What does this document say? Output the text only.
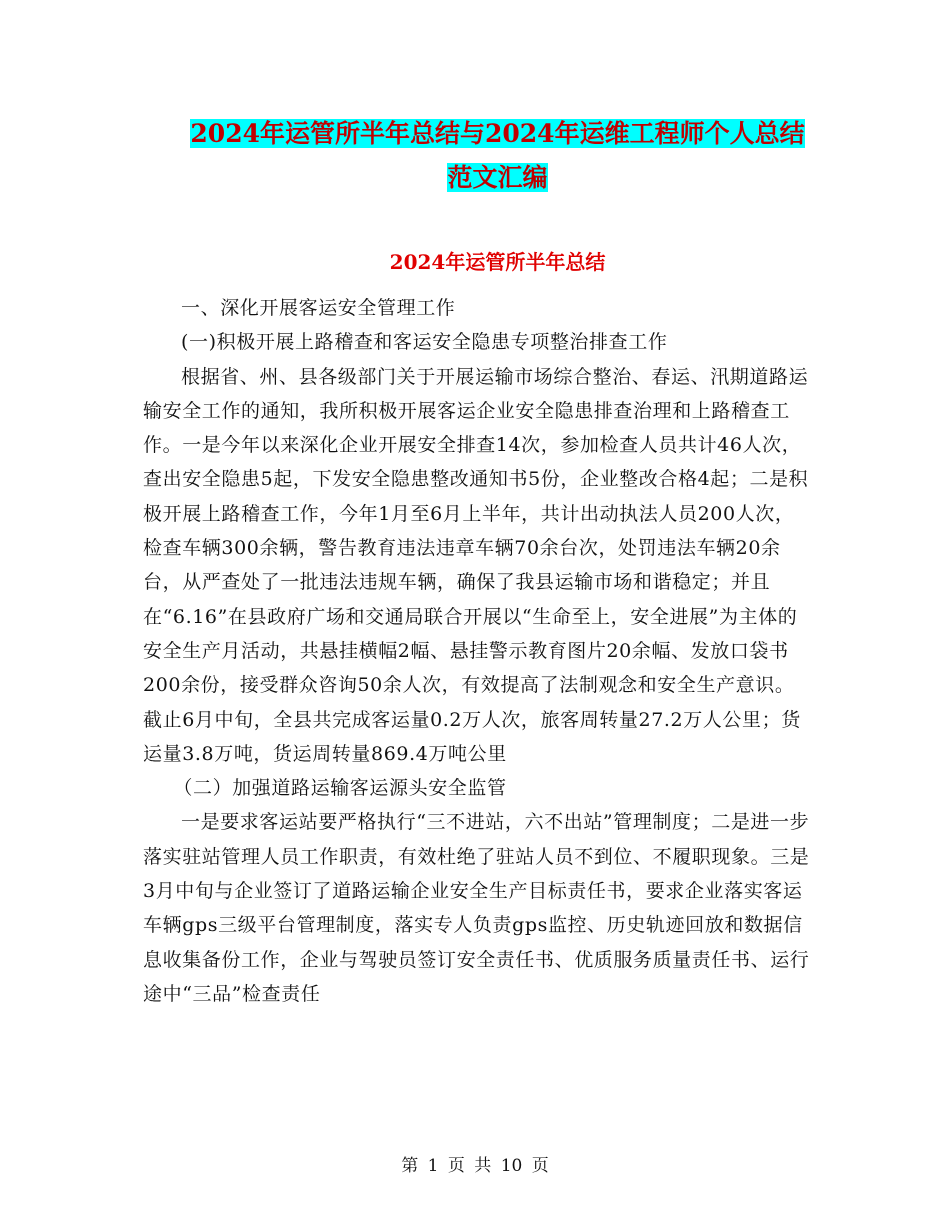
2024年运管所半年总结与2024年运维工程师个人总结
范文汇编
2024年运管所半年总结

一、深化开展客运安全管理工作

(一)积极开展上路稽查和客运安全隐患专项整治排查工作

根据省、州、县各级部门关于开展运输市场综合整治、春运、汛期道路运输安全工作的通知，我所积极开展客运企业安全隐患排查治理和上路稽查工作。一是今年以来深化企业开展安全排查14次，参加检查人员共计46人次，查出安全隐患5起，下发安全隐患整改通知书5份，企业整改合格4起；二是积极开展上路稽查工作，今年1月至6月上半年，共计出动执法人员200人次，检查车辆300余辆，警告教育违法违章车辆70余台次，处罚违法车辆20余台，从严查处了一批违法违规车辆，确保了我县运输市场和谐稳定；并且在“6.16”在县政府广场和交通局联合开展以“生命至上，安全进展”为主体的安全生产月活动，共悬挂横幅2幅、悬挂警示教育图片20余幅、发放口袋书200余份，接受群众咨询50余人次，有效提高了法制观念和安全生产意识。截止6月中旬，全县共完成客运量0.2万人次，旅客周转量27.2万人公里；货运量3.8万吨，货运周转量869.4万吨公里

（二）加强道路运输客运源头安全监管

一是要求客运站要严格执行“三不进站，六不出站”管理制度；二是进一步落实驻站管理人员工作职责，有效杜绝了驻站人员不到位、不履职现象。三是3月中旬与企业签订了道路运输企业安全生产目标责任书，要求企业落实客运车辆gps三级平台管理制度，落实专人负责gps监控、历史轨迹回放和数据信息收集备份工作，企业与驾驶员签订安全责任书、优质服务质量责任书、运行途中“三品”检查责任

第 1 页 共 10 页
